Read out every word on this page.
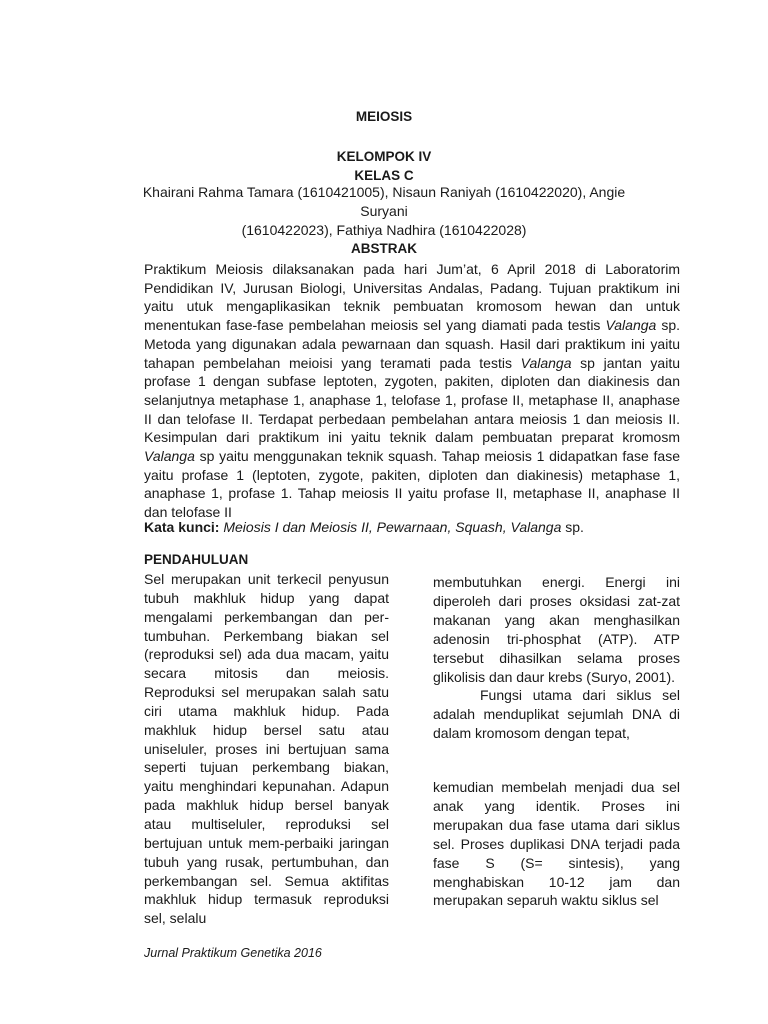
MEIOSIS
KELOMPOK IV
KELAS C
Khairani Rahma Tamara (1610421005), Nisaun Raniyah (1610422020), Angie Suryani
(1610422023), Fathiya Nadhira (1610422028)
ABSTRAK

Praktikum Meiosis dilaksanakan pada hari Jum’at, 6 April 2018 di Laboratorim Pendidikan IV, Jurusan Biologi, Universitas Andalas, Padang. Tujuan praktikum ini yaitu utuk mengaplikasikan teknik pembuatan kromosom hewan dan untuk menentukan fase-fase pembelahan meiosis sel yang diamati pada testis Valanga sp. Metoda yang digunakan adala pewarnaan dan squash. Hasil dari praktikum ini yaitu tahapan pembelahan meioisi yang teramati pada testis Valanga sp jantan yaitu profase 1 dengan subfase leptoten, zygoten, pakiten, diploten dan diakinesis dan selanjutnya metaphase 1, anaphase 1, telofase 1, profase II, metaphase II, anaphase II dan telofase II. Terdapat perbedaan pembelahan antara meiosis 1 dan meiosis II. Kesimpulan dari praktikum ini yaitu teknik dalam pembuatan preparat kromosm Valanga sp yaitu menggunakan teknik squash. Tahap meiosis 1 didapatkan fase fase yaitu profase 1 (leptoten, zygote, pakiten, diploten dan diakinesis) metaphase 1, anaphase 1, profase 1. Tahap meiosis II yaitu profase II, metaphase II, anaphase II dan telofase II

Kata kunci: Meiosis I dan Meiosis II, Pewarnaan, Squash, Valanga sp.
PENDAHULUAN

Sel merupakan unit terkecil penyusun tubuh makhluk hidup yang dapat mengalami perkembangan dan per-tumbuhan. Perkembang biakan sel (reproduksi sel) ada dua macam, yaitu secara mitosis dan meiosis. Reproduksi sel merupakan salah satu ciri utama makhluk hidup. Pada makhluk hidup bersel satu atau uniseluler, proses ini bertujuan sama seperti tujuan perkembang biakan, yaitu menghindari kepunahan. Adapun pada makhluk hidup bersel banyak atau multiseluler, reproduksi sel bertujuan untuk mem-perbaiki jaringan tubuh yang rusak, pertumbuhan, dan perkembangan sel. Semua aktifitas makhluk hidup termasuk reproduksi sel, selalu

membutuhkan energi. Energi ini diperoleh dari proses oksidasi zat-zat makanan yang akan menghasilkan adenosin tri-phosphat (ATP). ATP tersebut dihasilkan selama proses glikolisis dan daur krebs (Suryo, 2001).
Fungsi utama dari siklus sel adalah menduplikat sejumlah DNA di dalam kromosom dengan tepat,

kemudian membelah menjadi dua sel anak yang identik. Proses ini merupakan dua fase utama dari siklus sel. Proses duplikasi DNA terjadi pada fase S (S= sintesis), yang menghabiskan 10-12 jam dan merupakan separuh waktu siklus sel

Jurnal Praktikum Genetika 2016
